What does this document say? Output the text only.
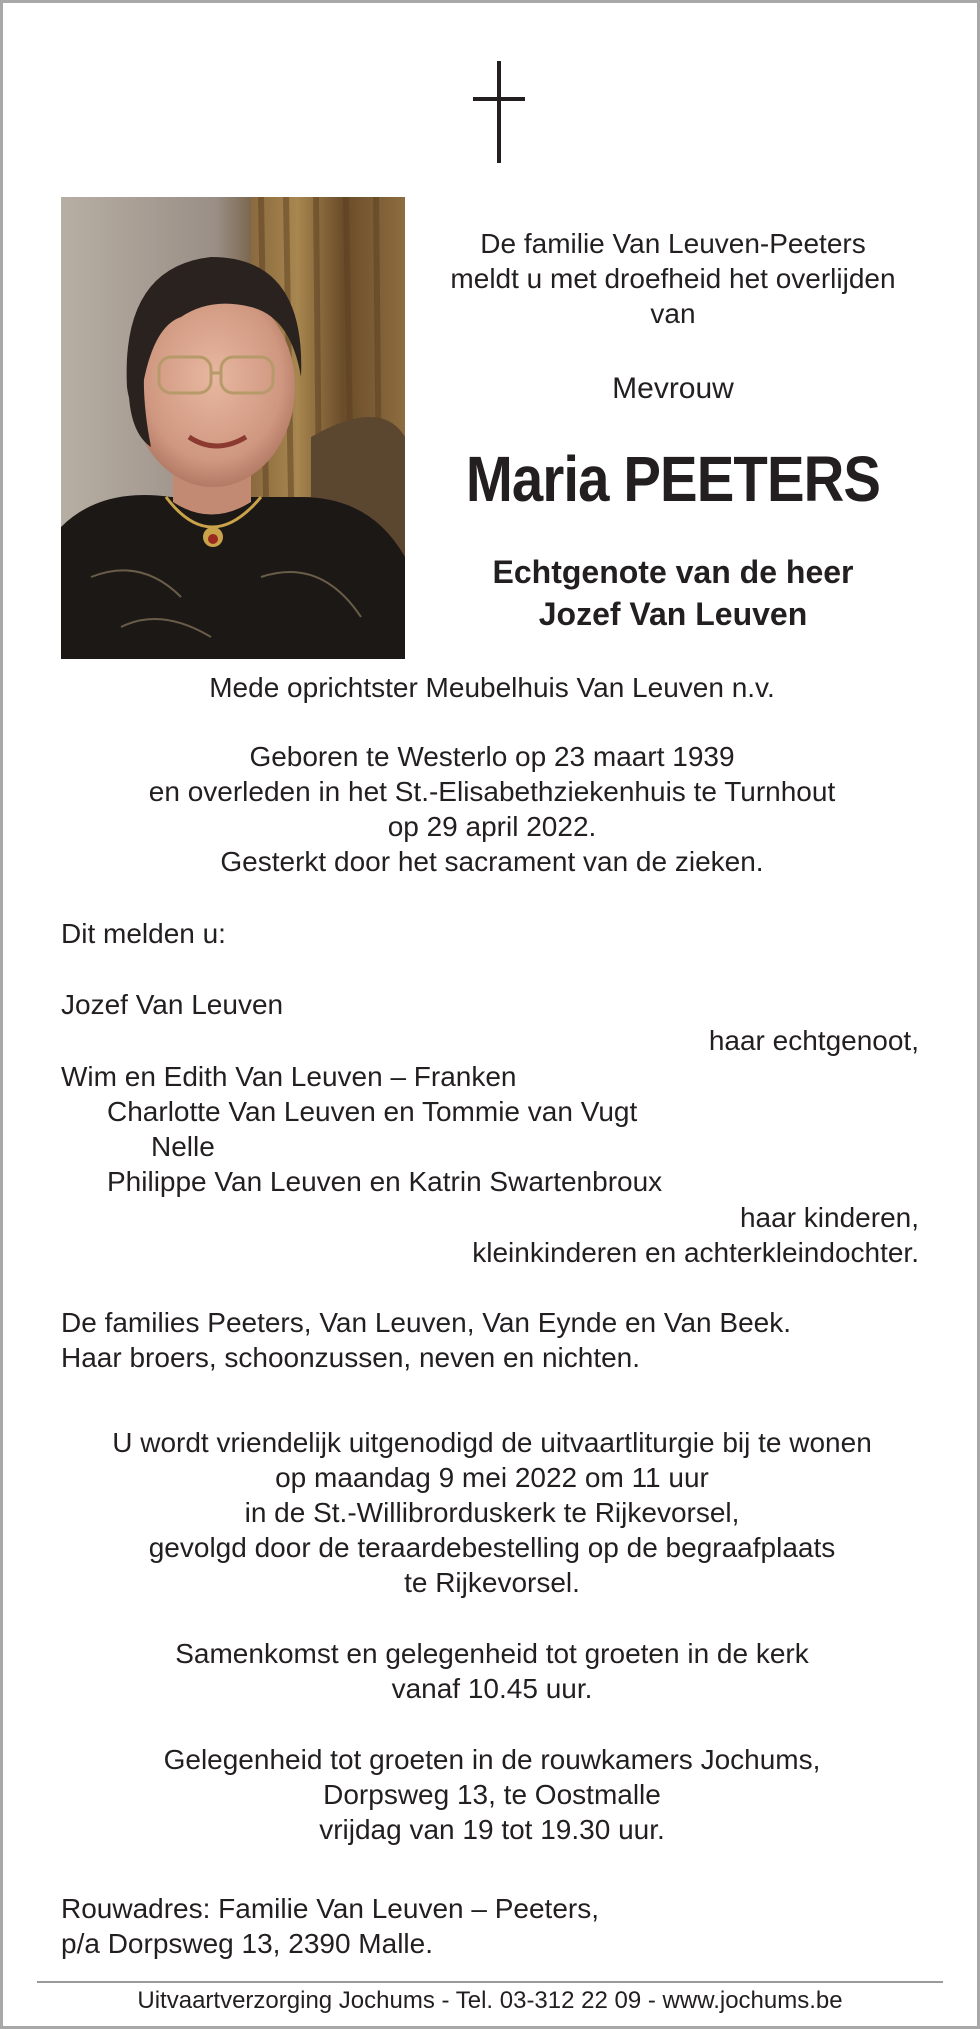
De familie Van Leuven-Peeters
meldt u met droefheid het overlijden
van
Mevrouw
Maria PEETERS
Echtgenote van de heer
Jozef Van Leuven
Mede oprichtster Meubelhuis Van Leuven n.v.
Geboren te Westerlo op 23 maart 1939
en overleden in het St.-Elisabethziekenhuis te Turnhout
op 29 april 2022.
Gesterkt door het sacrament van de zieken.
Dit melden u:
Jozef Van Leuven
haar echtgenoot,
Wim en Edith Van Leuven – Franken
Charlotte Van Leuven en Tommie van Vugt
Nelle
Philippe Van Leuven en Katrin Swartenbroux
haar kinderen,
kleinkinderen en achterkleindochter.
De families Peeters, Van Leuven, Van Eynde en Van Beek.
Haar broers, schoonzussen, neven en nichten.
U wordt vriendelijk uitgenodigd de uitvaartliturgie bij te wonen
op maandag 9 mei 2022 om 11 uur
in de St.-Willibrorduskerk te Rijkevorsel,
gevolgd door de teraardebestelling op de begraafplaats
te Rijkevorsel.
Samenkomst en gelegenheid tot groeten in de kerk
vanaf 10.45 uur.
Gelegenheid tot groeten in de rouwkamers Jochums,
Dorpsweg 13, te Oostmalle
vrijdag van 19 tot 19.30 uur.
Rouwadres: Familie Van Leuven – Peeters,
p/a Dorpsweg 13, 2390 Malle.
Uitvaartverzorging Jochums - Tel. 03-312 22 09 - www.jochums.be
